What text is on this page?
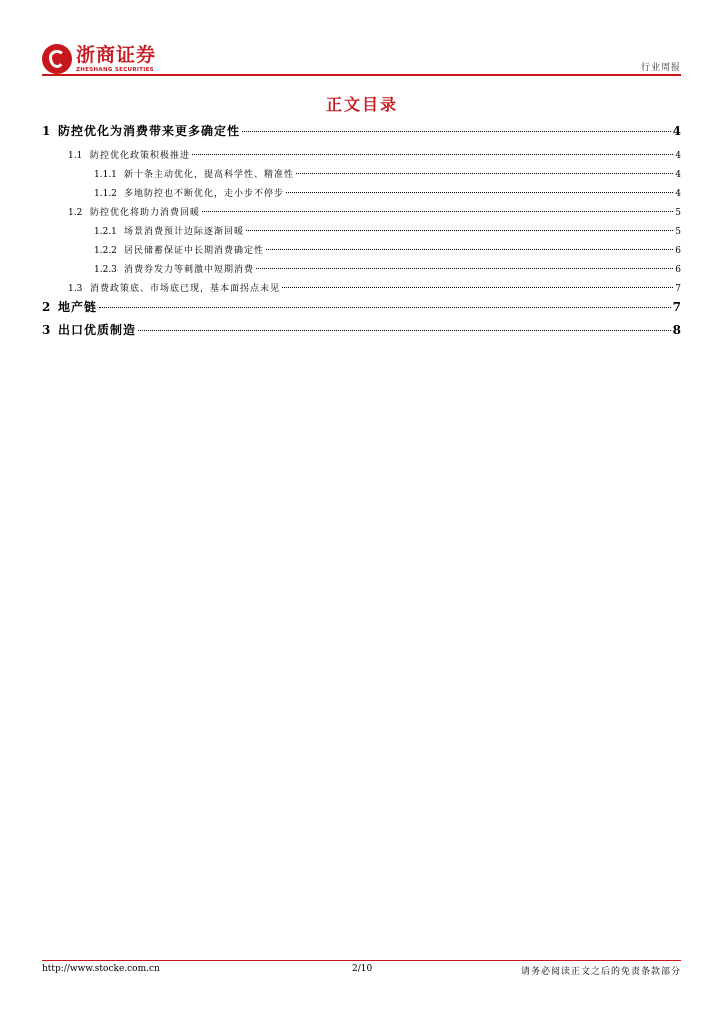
浙商证券
ZHESHANG SECURITIES	行业周报
正文目录
1 防控优化为消费带来更多确定性	4
1.1 防控优化政策积极推进	4
1.1.1 新十条主动优化，提高科学性、精准性	4
1.1.2 多地防控也不断优化，走小步不停步	4
1.2 防控优化将助力消费回暖	5
1.2.1 场景消费预计边际逐渐回暖	5
1.2.2 居民储蓄保证中长期消费确定性	6
1.2.3 消费券发力等刺激中短期消费	6
1.3 消费政策底、市场底已现，基本面拐点未见	7
2 地产链	7
3 出口优质制造	8
http://www.stocke.com.cn	2/10	请务必阅读正文之后的免责条款部分
